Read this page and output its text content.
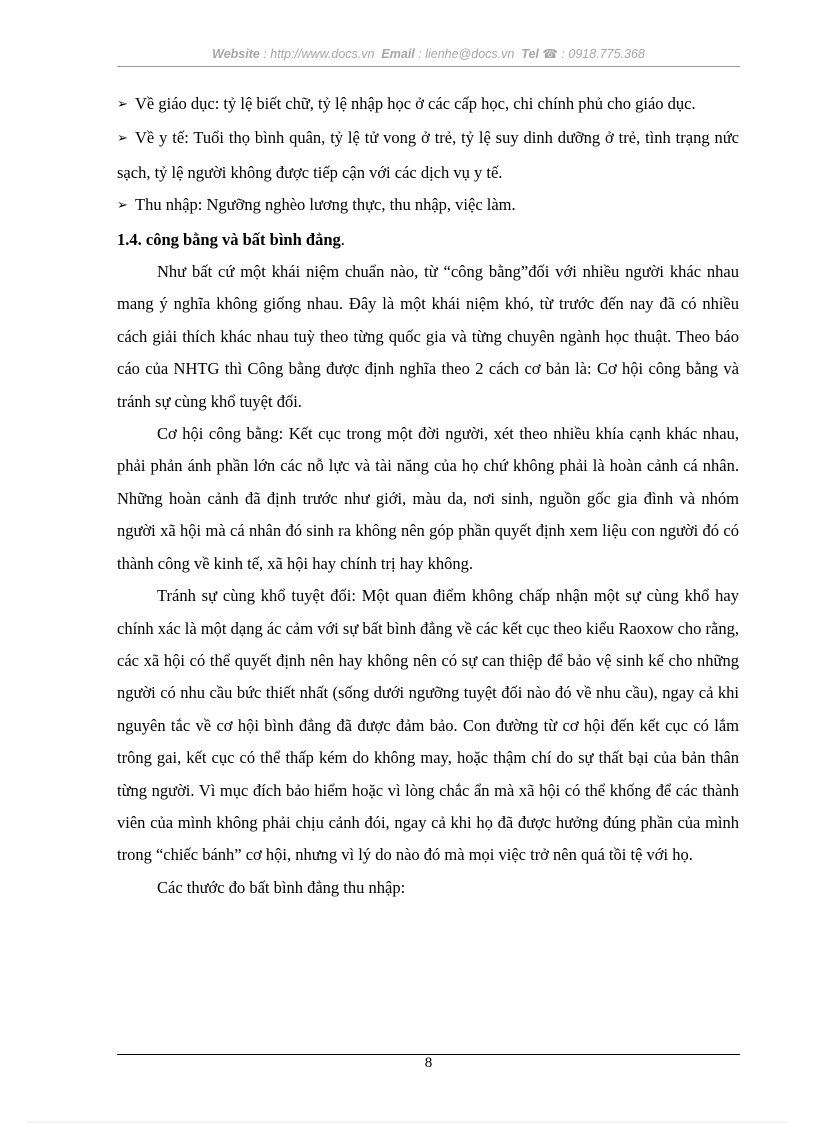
Website : http://www.docs.vn Email : lienhe@docs.vn Tel ☎ : 0918.775.368

➢ Về giáo dục: tỷ lệ biết chữ, tỷ lệ nhập học ở các cấp học, chi chính phủ cho giáo dục.

➢ Về y tế: Tuổi thọ bình quân, tỷ lệ tử vong ở trẻ, tỷ lệ suy dinh dưỡng ở trẻ, tình trạng nức sạch, tỷ lệ người không được tiếp cận với các dịch vụ y tế.

➢ Thu nhập: Ngưỡng nghèo lương thực, thu nhập, việc làm.

1.4. công bằng và bất bình đẳng.

Như bất cứ một khái niệm chuẩn nào, từ “công bằng”đối với nhiều người khác nhau mang ý nghĩa không giống nhau. Đây là một khái niệm khó, từ trước đến nay đã có nhiều cách giải thích khác nhau tuỳ theo từng quốc gia và từng chuyên ngành học thuật. Theo báo cáo của NHTG thì Công bằng được định nghĩa theo 2 cách cơ bản là: Cơ hội công bằng và tránh sự cùng khổ tuyệt đối.

Cơ hội công bằng: Kết cục trong một đời người, xét theo nhiều khía cạnh khác nhau, phải phản ánh phần lớn các nỗ lực và tài năng của họ chứ không phải là hoàn cảnh cá nhân. Những hoàn cảnh đã định trước như giới, màu da, nơi sinh, nguồn gốc gia đình và nhóm người xã hội mà cá nhân đó sinh ra không nên góp phần quyết định xem liệu con người đó có thành công về kinh tế, xã hội hay chính trị hay không.

Tránh sự cùng khổ tuyệt đối: Một quan điểm không chấp nhận một sự cùng khổ hay chính xác là một dạng ác cảm với sự bất bình đẳng về các kết cục theo kiểu Raoxow cho rằng, các xã hội có thể quyết định nên hay không nên có sự can thiệp để bảo vệ sinh kế cho những người có nhu cầu bức thiết nhất (sống dưới ngưỡng tuyệt đối nào đó về nhu cầu), ngay cả khi nguyên tắc về cơ hội bình đẳng đã được đảm bảo. Con đường từ cơ hội đến kết cục có lắm trông gai, kết cục có thể thấp kém do không may, hoặc thậm chí do sự thất bại của bản thân từng người. Vì mục đích bảo hiểm hoặc vì lòng chắc ẩn mà xã hội có thể khống để các thành viên của mình không phải chịu cảnh đói, ngay cả khi họ đã được hưởng đúng phần của mình trong “chiếc bánh” cơ hội, nhưng vì lý do nào đó mà mọi việc trở nên quá tồi tệ với họ.

Các thước đo bất bình đẳng thu nhập:

8
